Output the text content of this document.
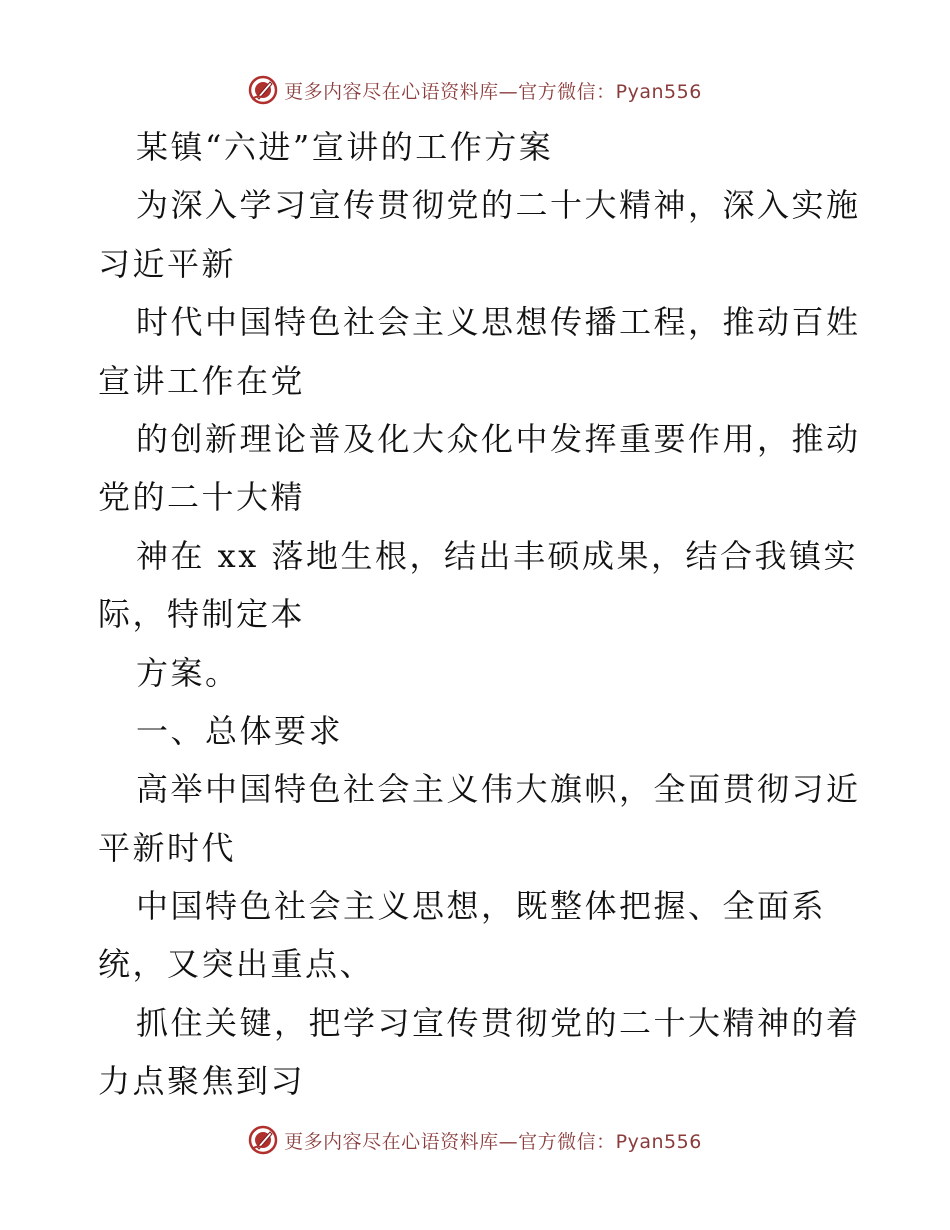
更多内容尽在心语资料库—官方微信：Pyan556
某镇“六进”宣讲的工作方案
为深入学习宣传贯彻党的二十大精神，深入实施
习近平新
时代中国特色社会主义思想传播工程，推动百姓
宣讲工作在党
的创新理论普及化大众化中发挥重要作用，推动
党的二十大精
神在 xx 落地生根，结出丰硕成果，结合我镇实
际，特制定本
方案。
一、总体要求
高举中国特色社会主义伟大旗帜，全面贯彻习近
平新时代
中国特色社会主义思想，既整体把握、全面系
统，又突出重点、
抓住关键，把学习宣传贯彻党的二十大精神的着
力点聚焦到习
更多内容尽在心语资料库—官方微信：Pyan556
